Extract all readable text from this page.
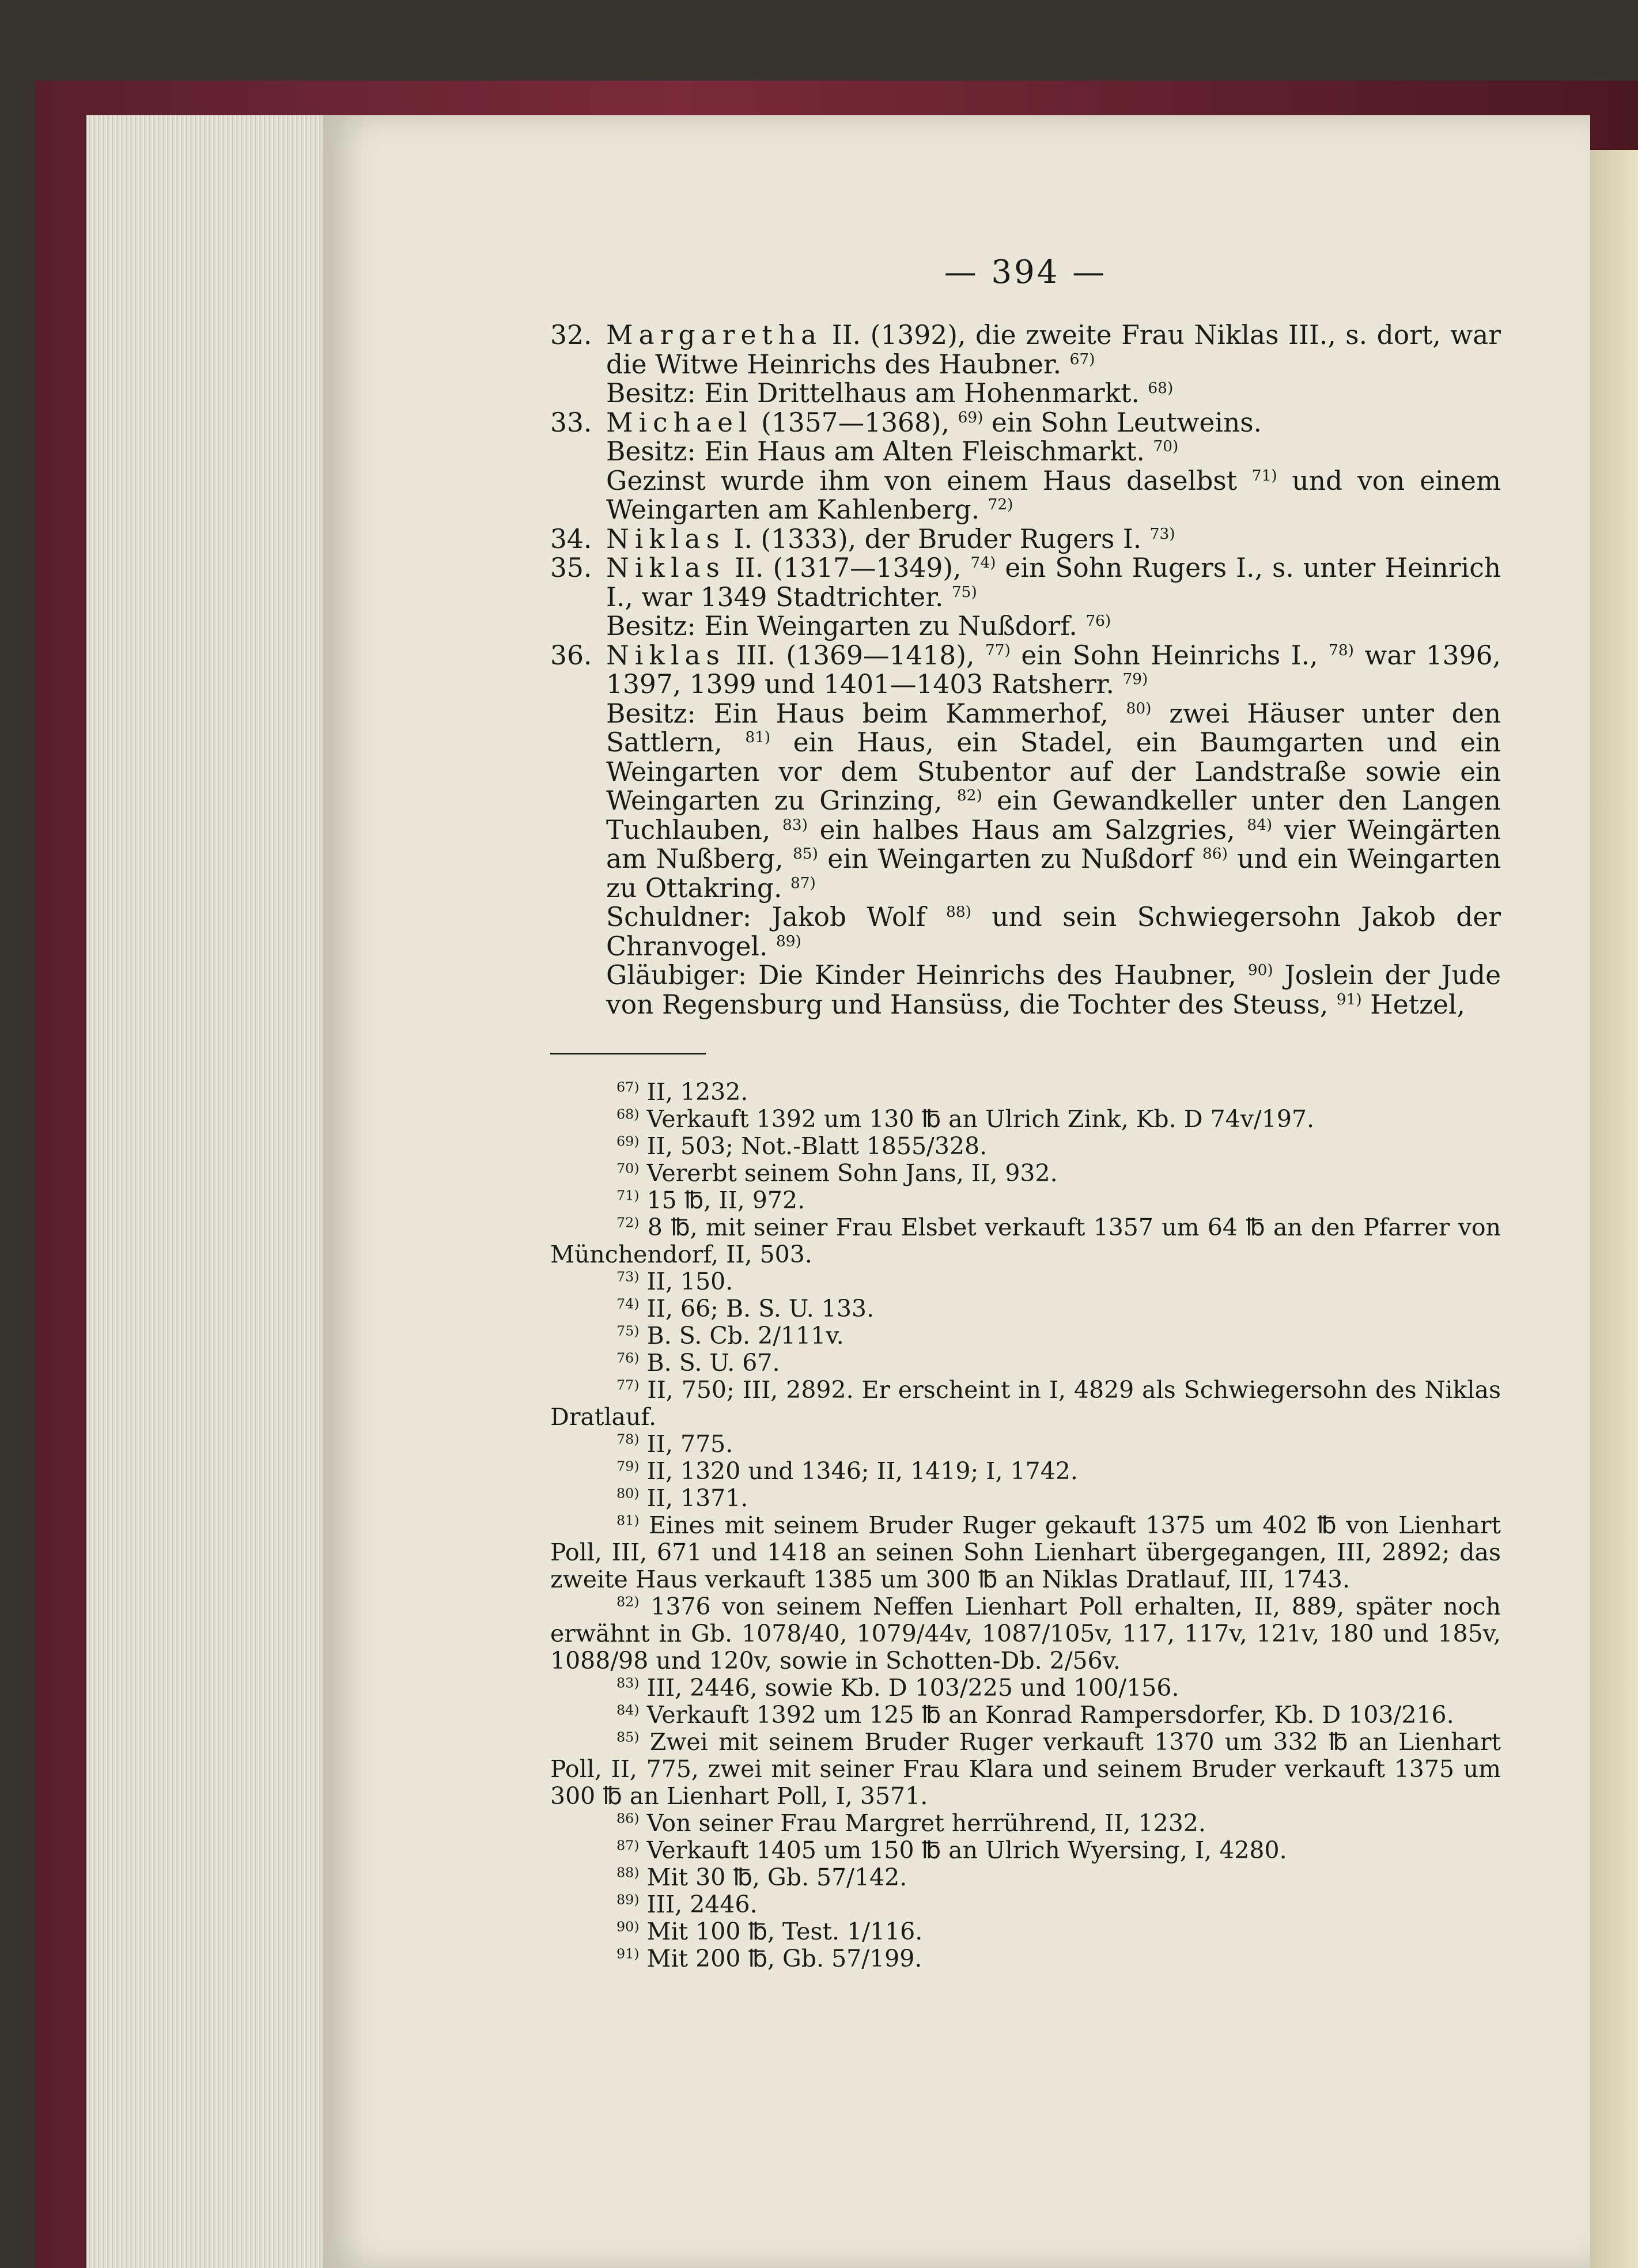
— 394 —
32. Margaretha II. (1392), die zweite Frau Niklas III., s. dort, war die Witwe Heinrichs des Haubner. $^{67)}$
Besitz: Ein Drittelhaus am Hohenmarkt. $^{68)}$
33. Michael (1357—1368), $^{69)}$ ein Sohn Leutweins.
Besitz: Ein Haus am Alten Fleischmarkt. $^{70)}$
Gezinst wurde ihm von einem Haus daselbst $^{71)}$ und von einem Weingarten am Kahlenberg. $^{72)}$
34. Niklas I. (1333), der Bruder Rugers I. $^{73)}$
35. Niklas II. (1317—1349), $^{74)}$ ein Sohn Rugers I., s. unter Heinrich I., war 1349 Stadtrichter. $^{75)}$
Besitz: Ein Weingarten zu Nußdorf. $^{76)}$
36. Niklas III. (1369—1418), $^{77)}$ ein Sohn Heinrichs I., $^{78)}$ war 1396, 1397, 1399 und 1401—1403 Ratsherr. $^{79)}$
Besitz: Ein Haus beim Kammerhof, $^{80)}$ zwei Häuser unter den Sattlern, $^{81)}$ ein Haus, ein Stadel, ein Baumgarten und ein Weingarten vor dem Stubentor auf der Landstraße sowie ein Weingarten zu Grinzing, $^{82)}$ ein Gewandkeller unter den Langen Tuchlauben, $^{83)}$ ein halbes Haus am Salzgries, $^{84)}$ vier Weingärten am Nußberg, $^{85)}$ ein Weingarten zu Nußdorf $^{86)}$ und ein Weingarten zu Ottakring. $^{87)}$
Schuldner: Jakob Wolf $^{88)}$ und sein Schwiegersohn Jakob der Chranvogel. $^{89)}$
Gläubiger: Die Kinder Heinrichs des Haubner, $^{90)}$ Joslein der Jude von Regensburg und Hansüss, die Tochter des Steuss, $^{91)}$ Hetzel,
$^{67)}$ II, 1232.
$^{68)}$ Verkauft 1392 um 130 ℔ an Ulrich Zink, Kb. D 74v/197.
$^{69)}$ II, 503; Not.-Blatt 1855/328.
$^{70)}$ Vererbt seinem Sohn Jans, II, 932.
$^{71)}$ 15 ℔, II, 972.
$^{72)}$ 8 ℔, mit seiner Frau Elsbet verkauft 1357 um 64 ℔ an den Pfarrer von Münchendorf, II, 503.
$^{73)}$ II, 150.
$^{74)}$ II, 66; B. S. U. 133.
$^{75)}$ B. S. Cb. 2/111v.
$^{76)}$ B. S. U. 67.
$^{77)}$ II, 750; III, 2892. Er erscheint in I, 4829 als Schwiegersohn des Niklas Dratlauf.
$^{78)}$ II, 775.
$^{79)}$ II, 1320 und 1346; II, 1419; I, 1742.
$^{80)}$ II, 1371.
$^{81)}$ Eines mit seinem Bruder Ruger gekauft 1375 um 402 ℔ von Lienhart Poll, III, 671 und 1418 an seinen Sohn Lienhart übergegangen, III, 2892; das zweite Haus verkauft 1385 um 300 ℔ an Niklas Dratlauf, III, 1743.
$^{82)}$ 1376 von seinem Neffen Lienhart Poll erhalten, II, 889, später noch erwähnt in Gb. 1078/40, 1079/44v, 1087/105v, 117, 117v, 121v, 180 und 185v, 1088/98 und 120v, sowie in Schotten-Db. 2/56v.
$^{83)}$ III, 2446, sowie Kb. D 103/225 und 100/156.
$^{84)}$ Verkauft 1392 um 125 ℔ an Konrad Rampersdorfer, Kb. D 103/216.
$^{85)}$ Zwei mit seinem Bruder Ruger verkauft 1370 um 332 ℔ an Lienhart Poll, II, 775, zwei mit seiner Frau Klara und seinem Bruder verkauft 1375 um 300 ℔ an Lienhart Poll, I, 3571.
$^{86)}$ Von seiner Frau Margret herrührend, II, 1232.
$^{87)}$ Verkauft 1405 um 150 ℔ an Ulrich Wyersing, I, 4280.
$^{88)}$ Mit 30 ℔, Gb. 57/142.
$^{89)}$ III, 2446.
$^{90)}$ Mit 100 ℔, Test. 1/116.
$^{91)}$ Mit 200 ℔, Gb. 57/199.
